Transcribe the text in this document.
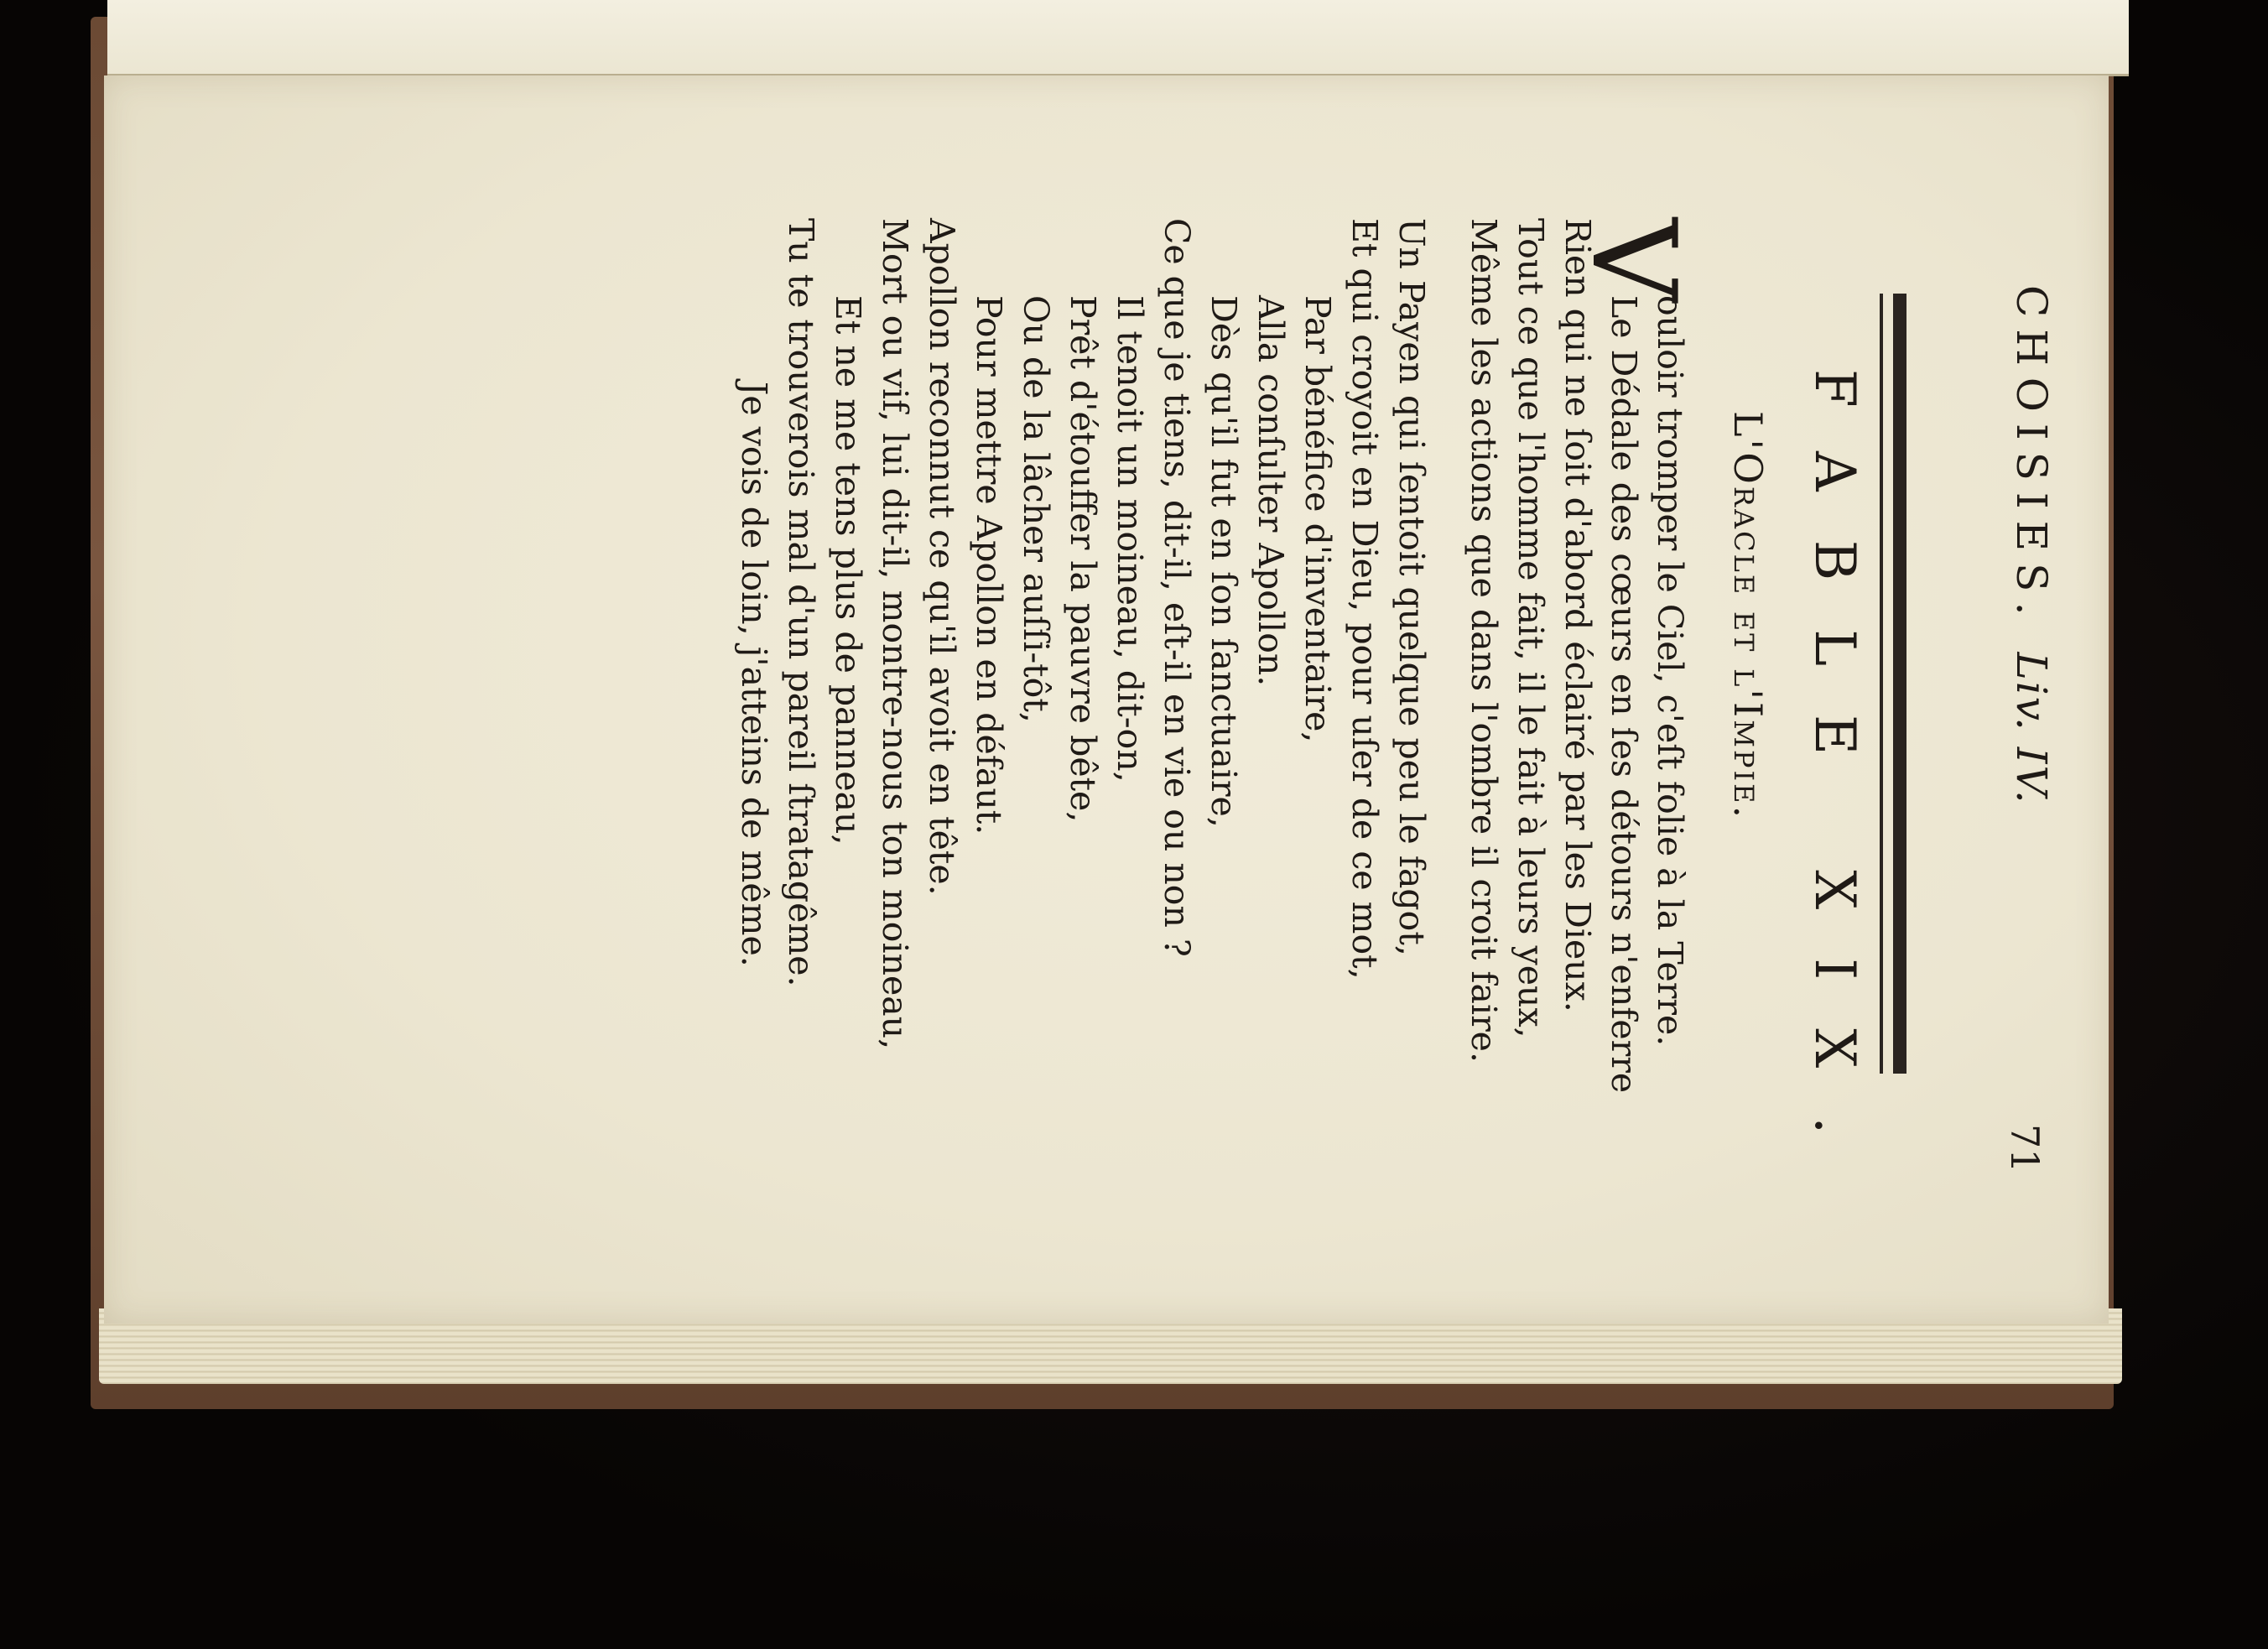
CHOISIES.Liv. IV.
71
FABLE XIX.
L'Oracle et l'Impie.
V
ouloir tromper le Ciel, c'eſt folie à la Terre.
Le Dédale des cœurs en ſes détours n'enferre
Rien qui ne ſoit d'abord éclairé par les Dieux.
Tout ce que l'homme fait, il le fait à leurs yeux,
Même les actions que dans l'ombre il croit faire.
Un Payen qui ſentoit quelque peu le fagot,
Et qui croyoit en Dieu, pour uſer de ce mot,
Par bénéfice d'inventaire,
Alla conſulter Apollon.
Dès qu'il fut en ſon ſanctuaire,
Ce que je tiens, dit-il, eſt-il en vie ou non ?
Il tenoit un moineau, dit-on,
Prêt d'étouffer la pauvre bête,
Ou de la lâcher auſſi-tôt,
Pour mettre Apollon en défaut.
Apollon reconnut ce qu'il avoit en tête.
Mort ou vif, lui dit-il, montre-nous ton moineau,
Et ne me tens plus de panneau,
Tu te trouverois mal d'un pareil ſtratagême.
Je vois de loin, j'atteins de même.
